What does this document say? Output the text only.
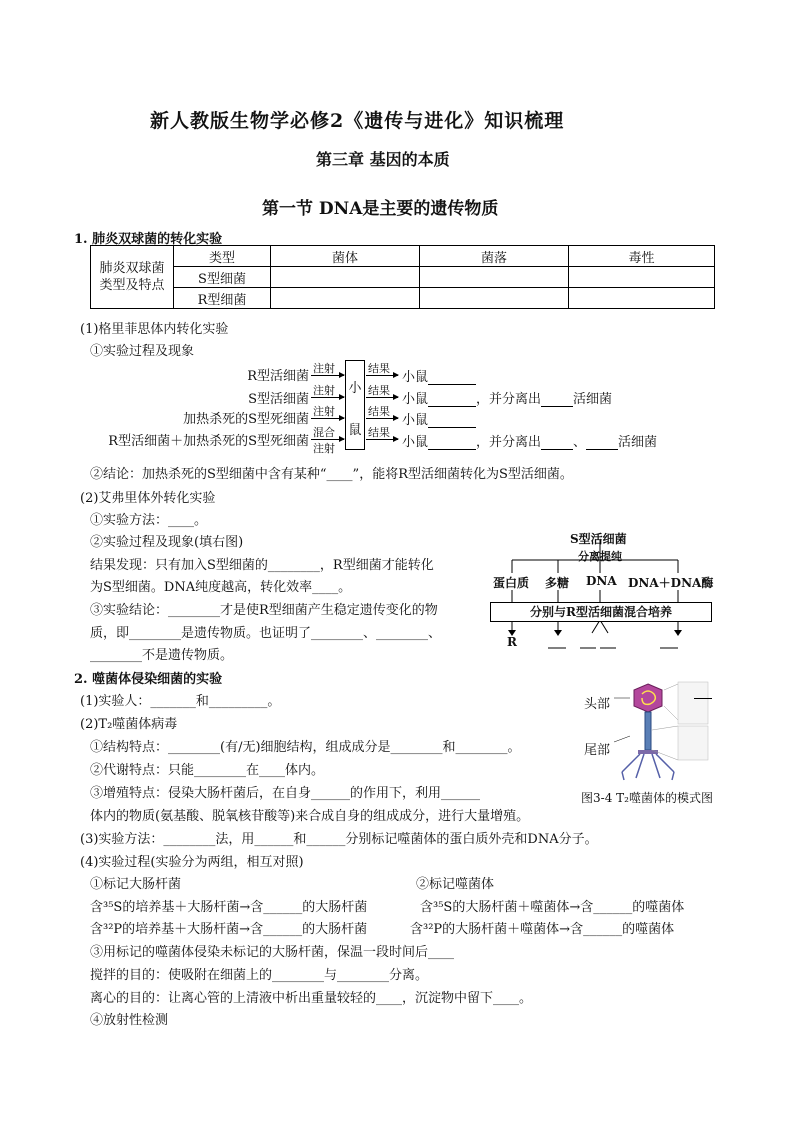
新人教版生物学必修2《遗传与进化》知识梳理
第三章 基因的本质
第一节 DNA是主要的遗传物质
1. 肺炎双球菌的转化实验
肺炎双球菌
类型及特点	类型	菌体	菌落	毒性
	S型细菌			
	R型细菌			
(1)格里菲思体内转化实验
①实验过程及现象
R型活细菌
S型活细菌
加热杀死的S型死细菌
R型活细菌＋加热杀死的S型死细菌
注射
注射
注射
混合
注射
小
鼠
结果
结果
结果
结果
小鼠
小鼠	，并分离出 活细菌
小鼠
小鼠	，并分离出 、 活细菌
②结论：加热杀死的S型细菌中含有某种“____”，能将R型活细菌转化为S型活细菌。
(2)艾弗里体外转化实验
①实验方法：____。
②实验过程及现象(填右图)
结果发现：只有加入S型细菌的________，R型细菌才能转化
为S型细菌。DNA纯度越高，转化效率____。
③实验结论：________才是使R型细菌产生稳定遗传变化的物
质，即________是遗传物质。也证明了________、________、
________不是遗传物质。
S型活细菌
分离提纯
蛋白质 多糖 DNA DNA＋DNA酶
分别与R型活细菌混合培养
R
2. 噬菌体侵染细菌的实验
(1)实验人：_______和_________。
(2)T₂噬菌体病毒
①结构特点：________(有/无)细胞结构，组成成分是________和________。
②代谢特点：只能________在____体内。
③增殖特点：侵染大肠杆菌后，在自身______的作用下，利用______
体内的物质(氨基酸、脱氧核苷酸等)来合成自身的组成成分，进行大量增殖。
头部
尾部
图3-4 T₂噬菌体的模式图
(3)实验方法：________法，用______和______分别标记噬菌体的蛋白质外壳和DNA分子。
(4)实验过程(实验分为两组，相互对照)
①标记大肠杆菌	②标记噬菌体
含³⁵S的培养基＋大肠杆菌→含______的大肠杆菌	含³⁵S的大肠杆菌＋噬菌体→含______的噬菌体
含³²P的培养基＋大肠杆菌→含______的大肠杆菌	含³²P的大肠杆菌＋噬菌体→含______的噬菌体
③用标记的噬菌体侵染未标记的大肠杆菌，保温一段时间后____
搅拌的目的：使吸附在细菌上的________与________分离。
离心的目的：让离心管的上清液中析出重量较轻的____，沉淀物中留下____。
④放射性检测
